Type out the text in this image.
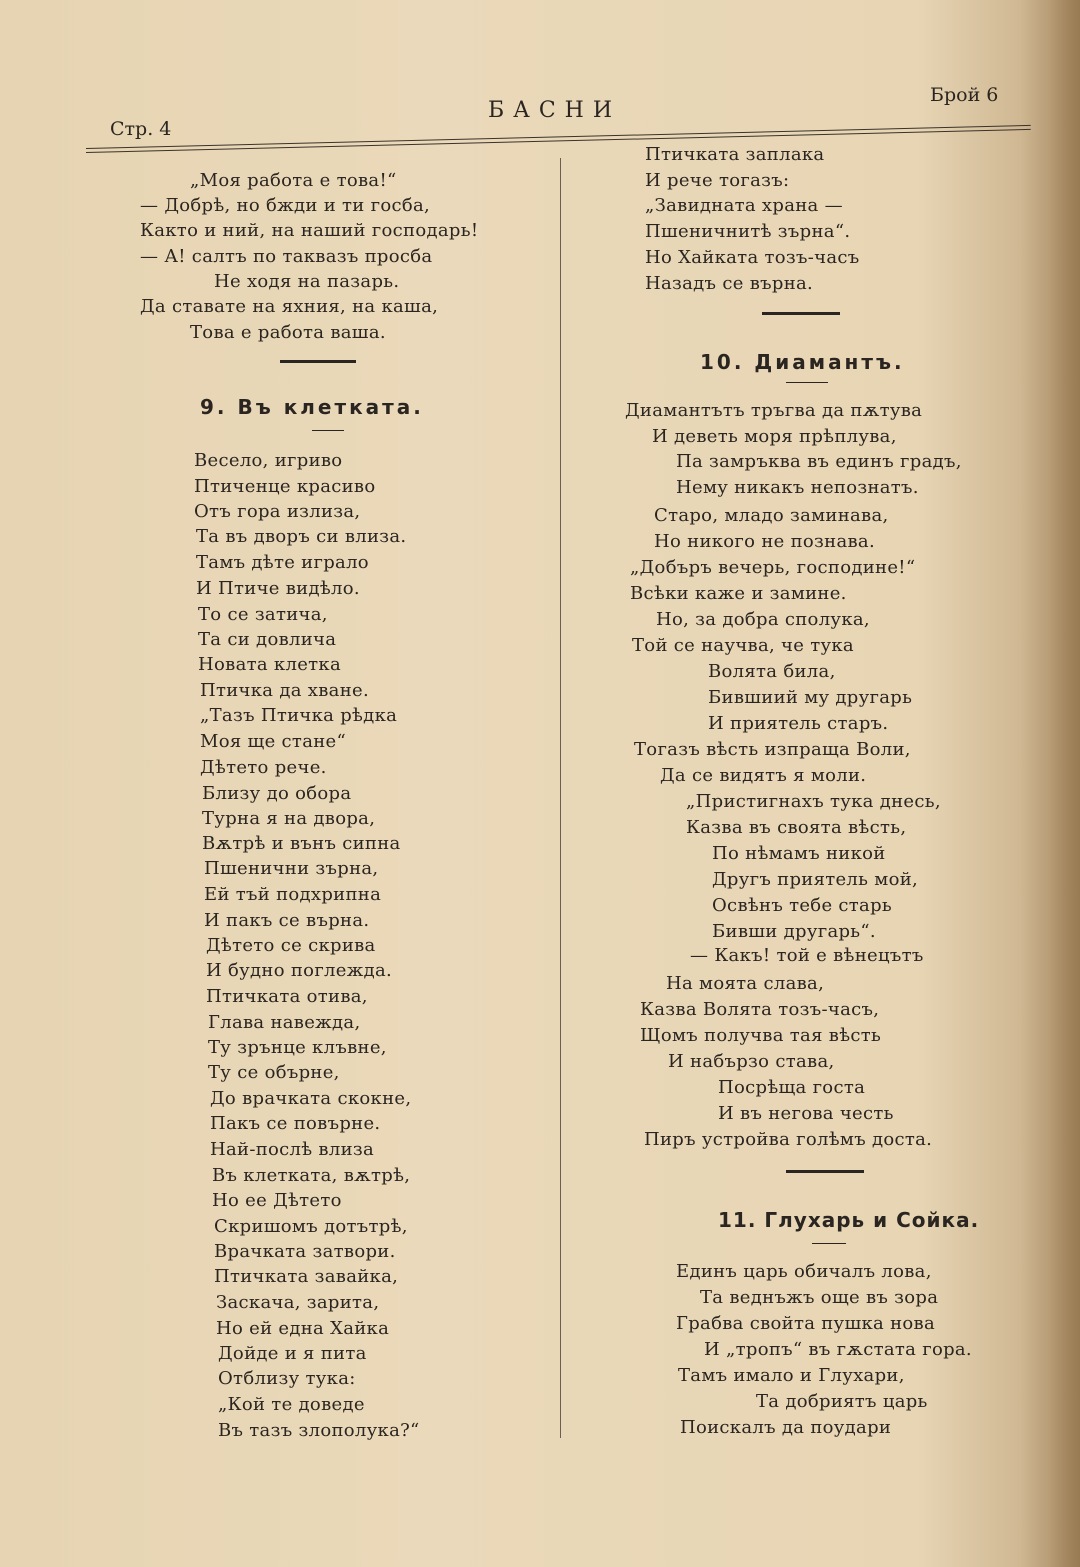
БАСНИ
Стр. 4
Брой 6
„Моя работа е това!“
— Добрѣ, но бжди и ти госба,
Както и ний, на наший господарь!
— А! салтъ по таквазъ просба
Не ходя на пазарь.
Да ставате на яхния, на каша,
Това е работа ваша.
9. Въ клетката.
Весело, игриво
Птиченце красиво
Отъ гора излиза,
Та въ дворъ си влиза.
Тамъ дѣте играло
И Птиче видѣло.
То се затича,
Та си довлича
Новата клетка
Птичка да хване.
„Тазъ Птичка рѣдка
Моя ще стане“
Дѣтето рече.
Близу до обора
Турна я на двора,
Вѫтрѣ и вънъ сипна
Пшенични зърна,
Ей тъй подхрипна
И пакъ се върна.
Дѣтето се скрива
И будно поглежда.
Птичката отива,
Глава навежда,
Ту зрънце клъвне,
Ту се обърне,
До врачката скокне,
Пакъ се повърне.
Най-послѣ влиза
Въ клетката, вѫтрѣ,
Но ее Дѣтето
Скришомъ дотътрѣ,
Врачката затвори.
Птичката завайка,
Заскача, зарита,
Но ей една Хайка
Дойде и я пита
Отблизу тука:
„Кой те доведе
Въ тазъ злополука?“
Птичката заплака
И рече тогазъ:
„Завидната храна —
Пшеничнитѣ зърна“.
Но Хайката тозъ-часъ
Назадъ се върна.
10. Диамантъ.
Диамантътъ тръгва да пѫтува
И деветь моря прѣплува,
Па замръква въ единъ градъ,
Нему никакъ непознатъ.
Старо, младо заминава,
Но никого не познава.
„Добъръ вечерь, господине!“
Всѣки каже и замине.
Но, за добра сполука,
Той се научва, че тука
Волята била,
Бившиий му другарь
И приятель старъ.
Тогазъ вѣсть изпраща Воли,
Да се видятъ я моли.
„Пристигнахъ тука днесь,
Казва въ своята вѣсть,
По нѣмамъ никой
Другъ приятель мой,
Освѣнъ тебе старь
Бивши другарь“.
— Какъ! той е вѣнецътъ
На моята слава,
Казва Волята тозъ-часъ,
Щомъ получва тая вѣсть
И набързо става,
Посрѣща госта
И въ негова честь
Пиръ устройва голѣмъ доста.
11. Глухарь и Сойка.
Единъ царь обичалъ лова,
Та веднъжъ още въ зора
Грабва свойта пушка нова
И „тропъ“ въ гѫстата гора.
Тамъ имало и Глухари,
Та добриятъ царь
Поискалъ да поудари
